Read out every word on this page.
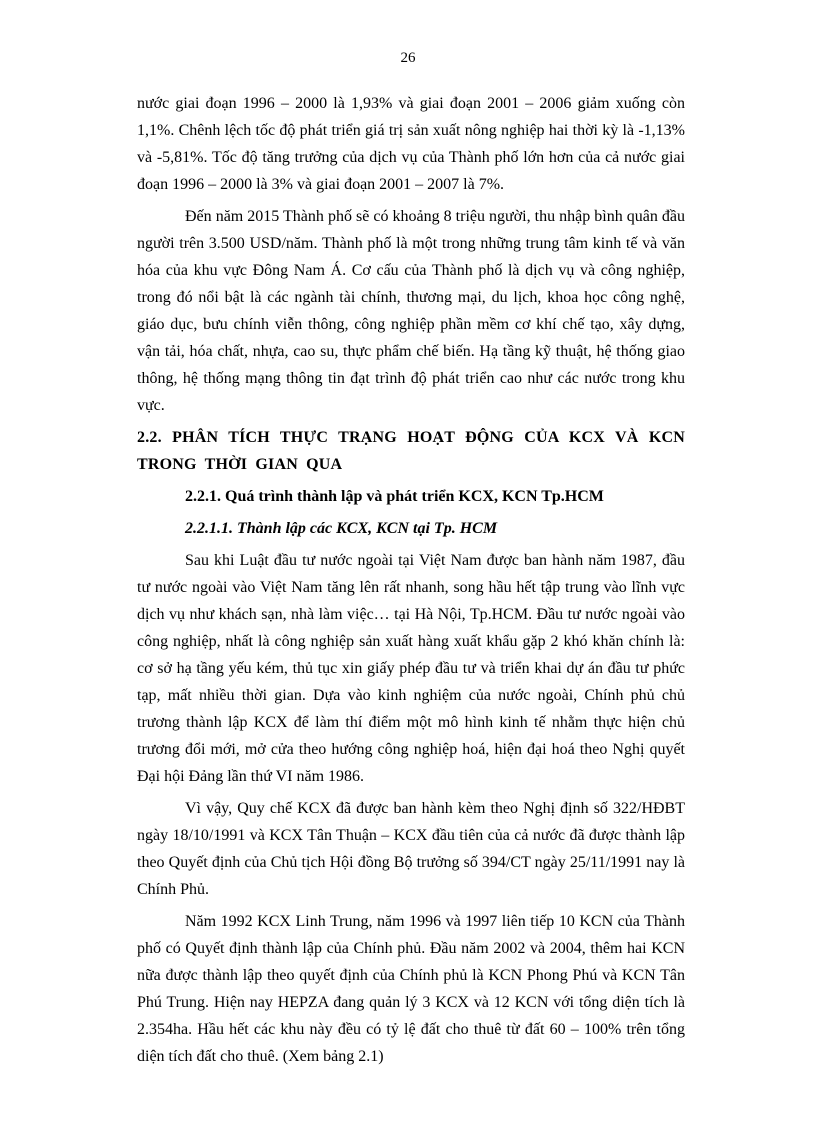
26

nước giai đoạn 1996 – 2000 là 1,93% và giai đoạn 2001 – 2006 giảm xuống còn 1,1%. Chênh lệch tốc độ phát triển giá trị sản xuất nông nghiệp hai thời kỳ là -1,13% và -5,81%. Tốc độ tăng trưởng của dịch vụ của Thành phố lớn hơn của cả nước giai đoạn 1996 – 2000 là 3% và giai đoạn 2001 – 2007 là 7%.

Đến năm 2015 Thành phố sẽ có khoảng 8 triệu người, thu nhập bình quân đầu người trên 3.500 USD/năm. Thành phố là một trong những trung tâm kinh tế và văn hóa của khu vực Đông Nam Á. Cơ cấu của Thành phố là dịch vụ và công nghiệp, trong đó nổi bật là các ngành tài chính, thương mại, du lịch, khoa học công nghệ, giáo dục, bưu chính viễn thông, công nghiệp phần mềm cơ khí chế tạo, xây dựng, vận tải, hóa chất, nhựa, cao su, thực phẩm chế biến. Hạ tầng kỹ thuật, hệ thống giao thông, hệ thống mạng thông tin đạt trình độ phát triển cao như các nước trong khu vực.

2.2. PHÂN TÍCH THỰC TRẠNG HOẠT ĐỘNG CỦA KCX VÀ KCN TRONG THỜI GIAN QUA
2.2.1. Quá trình thành lập và phát triển KCX, KCN Tp.HCM
2.2.1.1. Thành lập các KCX, KCN tại Tp. HCM

Sau khi Luật đầu tư nước ngoài tại Việt Nam được ban hành năm 1987, đầu tư nước ngoài vào Việt Nam tăng lên rất nhanh, song hầu hết tập trung vào lĩnh vực dịch vụ như khách sạn, nhà làm việc… tại Hà Nội, Tp.HCM. Đầu tư nước ngoài vào công nghiệp, nhất là công nghiệp sản xuất hàng xuất khẩu gặp 2 khó khăn chính là: cơ sở hạ tầng yếu kém, thủ tục xin giấy phép đầu tư và triển khai dự án đầu tư phức tạp, mất nhiều thời gian. Dựa vào kinh nghiệm của nước ngoài, Chính phủ chủ trương thành lập KCX để làm thí điểm một mô hình kinh tế nhằm thực hiện chủ trương đổi mới, mở cửa theo hướng công nghiệp hoá, hiện đại hoá theo Nghị quyết Đại hội Đảng lần thứ VI năm 1986.

Vì vậy, Quy chế KCX đã được ban hành kèm theo Nghị định số 322/HĐBT ngày 18/10/1991 và KCX Tân Thuận – KCX đầu tiên của cả nước đã được thành lập theo Quyết định của Chủ tịch Hội đồng Bộ trưởng số 394/CT ngày 25/11/1991 nay là Chính Phủ.

Năm 1992 KCX Linh Trung, năm 1996 và 1997 liên tiếp 10 KCN của Thành phố có Quyết định thành lập của Chính phủ. Đầu năm 2002 và 2004, thêm hai KCN nữa được thành lập theo quyết định của Chính phủ là KCN Phong Phú và KCN Tân Phú Trung. Hiện nay HEPZA đang quản lý 3 KCX và 12 KCN với tổng diện tích là 2.354ha. Hầu hết các khu này đều có tỷ lệ đất cho thuê từ đất 60 – 100% trên tổng diện tích đất cho thuê. (Xem bảng 2.1)
